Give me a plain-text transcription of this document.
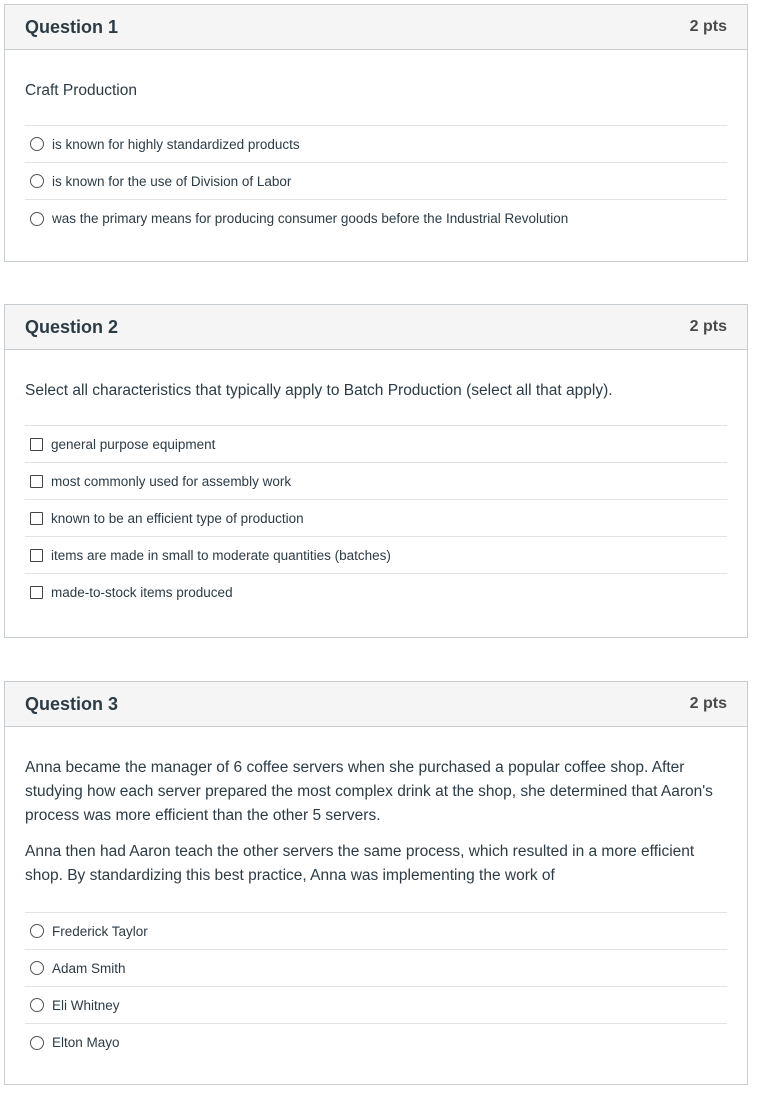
Question 1	2 pts

Craft Production

is known for highly standardized products
is known for the use of Division of Labor
was the primary means for producing consumer goods before the Industrial Revolution
Question 2	2 pts

Select all characteristics that typically apply to Batch Production (select all that apply).

general purpose equipment
most commonly used for assembly work
known to be an efficient type of production
items are made in small to moderate quantities (batches)
made-to-stock items produced
Question 3	2 pts

Anna became the manager of 6 coffee servers when she purchased a popular coffee shop. After studying how each server prepared the most complex drink at the shop, she determined that Aaron's process was more efficient than the other 5 servers.

Anna then had Aaron teach the other servers the same process, which resulted in a more efficient shop. By standardizing this best practice, Anna was implementing the work of

Frederick Taylor
Adam Smith
Eli Whitney
Elton Mayo
